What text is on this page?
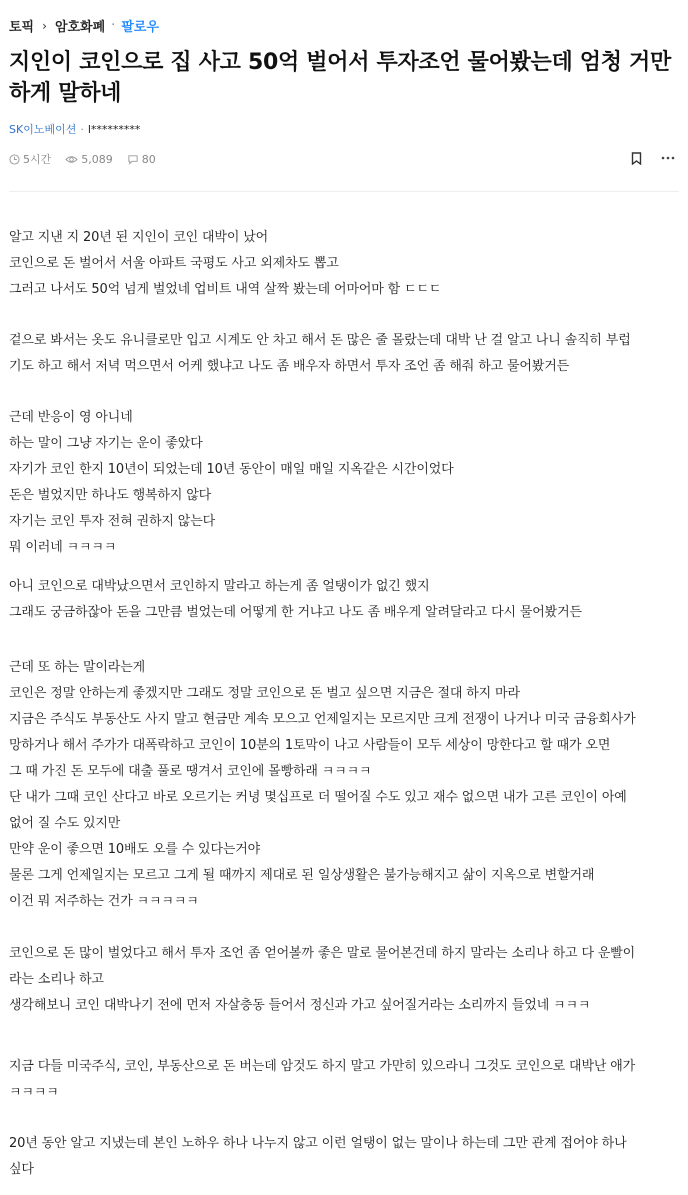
토픽 › 암호화폐 · 팔로우
지인이 코인으로 집 사고 50억 벌어서 투자조언 물어봤는데 엄청 거만하게 말하네
SK이노베이션 · l*********
5시간	5,089	80
알고 지낸 지 20년 된 지인이 코인 대박이 났어
코인으로 돈 벌어서 서울 아파트 국평도 사고 외제차도 뽑고
그러고 나서도 50억 넘게 벌었네 업비트 내역 살짝 봤는데 어마어마 함 ㄷㄷㄷ
겉으로 봐서는 옷도 유니클로만 입고 시계도 안 차고 해서 돈 많은 줄 몰랐는데 대박 난 걸 알고 나니 솔직히 부럽
기도 하고 해서 저녁 먹으면서 어케 했냐고 나도 좀 배우자 하면서 투자 조언 좀 해줘 하고 물어봤거든
근데 반응이 영 아니네
하는 말이 그냥 자기는 운이 좋았다
자기가 코인 한지 10년이 되었는데 10년 동안이 매일 매일 지옥같은 시간이었다
돈은 벌었지만 하나도 행복하지 않다
자기는 코인 투자 전혀 권하지 않는다
뭐 이러네 ㅋㅋㅋㅋ
아니 코인으로 대박났으면서 코인하지 말라고 하는게 좀 얼탱이가 없긴 했지
그래도 궁금하잖아 돈을 그만큼 벌었는데 어떻게 한 거냐고 나도 좀 배우게 알려달라고 다시 물어봤거든
근데 또 하는 말이라는게
코인은 정말 안하는게 좋겠지만 그래도 정말 코인으로 돈 벌고 싶으면 지금은 절대 하지 마라
지금은 주식도 부동산도 사지 말고 현금만 계속 모으고 언제일지는 모르지만 크게 전쟁이 나거나 미국 금융회사가
망하거나 해서 주가가 대폭락하고 코인이 10분의 1토막이 나고 사람들이 모두 세상이 망한다고 할 때가 오면
그 때 가진 돈 모두에 대출 풀로 땡겨서 코인에 몰빵하래 ㅋㅋㅋㅋ
단 내가 그때 코인 산다고 바로 오르기는 커녕 몇십프로 더 떨어질 수도 있고 재수 없으면 내가 고른 코인이 아예
없어 질 수도 있지만
만약 운이 좋으면 10배도 오를 수 있다는거야
물론 그게 언제일지는 모르고 그게 될 때까지 제대로 된 일상생활은 불가능해지고 삶이 지옥으로 변할거래
이건 뭐 저주하는 건가 ㅋㅋㅋㅋㅋ
코인으로 돈 많이 벌었다고 해서 투자 조언 좀 얻어볼까 좋은 말로 물어본건데 하지 말라는 소리나 하고 다 운빨이
라는 소리나 하고
생각해보니 코인 대박나기 전에 먼저 자살충동 들어서 정신과 가고 싶어질거라는 소리까지 들었네 ㅋㅋㅋ
지금 다들 미국주식, 코인, 부동산으로 돈 버는데 암것도 하지 말고 가만히 있으라니 그것도 코인으로 대박난 애가
ㅋㅋㅋㅋ
20년 동안 알고 지냈는데 본인 노하우 하나 나누지 않고 이런 얼탱이 없는 말이나 하는데 그만 관계 접어야 하나
싶다
